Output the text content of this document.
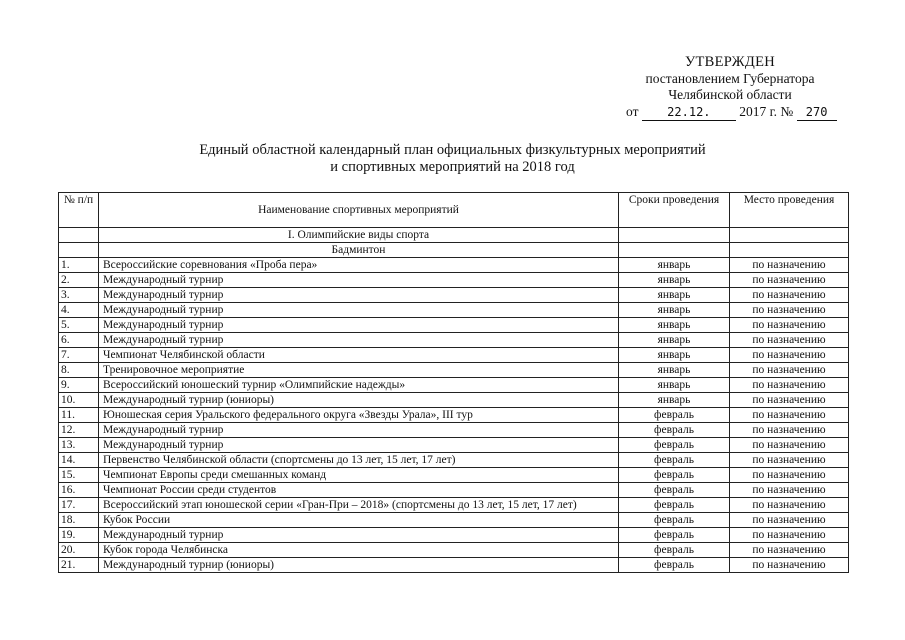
УТВЕРЖДЕН
постановлением Губернатора
Челябинской области
от 22.12. 2017 г. № 270
Единый областной календарный план официальных физкультурных мероприятий
и спортивных мероприятий на 2018 год
№ п/п	Наименование спортивных мероприятий	Сроки проведения	Место проведения
	I. Олимпийские виды спорта		
	Бадминтон		
1.	Всероссийские соревнования «Проба пера»	январь	по назначению
2.	Международный турнир	январь	по назначению
3.	Международный турнир	январь	по назначению
4.	Международный турнир	январь	по назначению
5.	Международный турнир	январь	по назначению
6.	Международный турнир	январь	по назначению
7.	Чемпионат Челябинской области	январь	по назначению
8.	Тренировочное мероприятие	январь	по назначению
9.	Всероссийский юношеский турнир «Олимпийские надежды»	январь	по назначению
10.	Международный турнир (юниоры)	январь	по назначению
11.	Юношеская серия Уральского федерального округа «Звезды Урала», III тур	февраль	по назначению
12.	Международный турнир	февраль	по назначению
13.	Международный турнир	февраль	по назначению
14.	Первенство Челябинской области (спортсмены до 13 лет, 15 лет, 17 лет)	февраль	по назначению
15.	Чемпионат Европы среди смешанных команд	февраль	по назначению
16.	Чемпионат России среди студентов	февраль	по назначению
17.	Всероссийский этап юношеской серии «Гран-При – 2018» (спортсмены до 13 лет, 15 лет, 17 лет)	февраль	по назначению
18.	Кубок России	февраль	по назначению
19.	Международный турнир	февраль	по назначению
20.	Кубок города Челябинска	февраль	по назначению
21.	Международный турнир (юниоры)	февраль	по назначению
